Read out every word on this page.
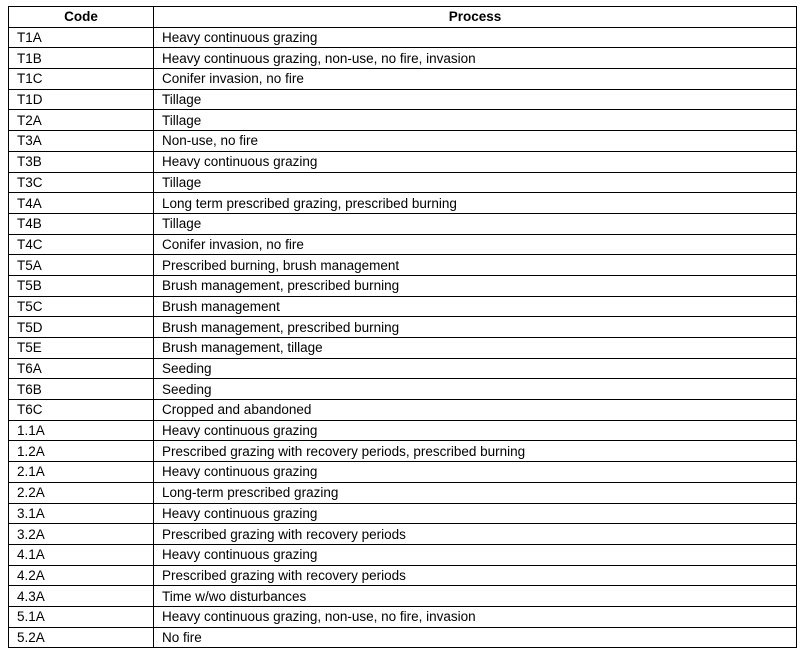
Code	Process
T1A	Heavy continuous grazing
T1B	Heavy continuous grazing, non-use, no fire, invasion
T1C	Conifer invasion, no fire
T1D	Tillage
T2A	Tillage
T3A	Non-use, no fire
T3B	Heavy continuous grazing
T3C	Tillage
T4A	Long term prescribed grazing, prescribed burning
T4B	Tillage
T4C	Conifer invasion, no fire
T5A	Prescribed burning, brush management
T5B	Brush management, prescribed burning
T5C	Brush management
T5D	Brush management, prescribed burning
T5E	Brush management, tillage
T6A	Seeding
T6B	Seeding
T6C	Cropped and abandoned
1.1A	Heavy continuous grazing
1.2A	Prescribed grazing with recovery periods, prescribed burning
2.1A	Heavy continuous grazing
2.2A	Long-term prescribed grazing
3.1A	Heavy continuous grazing
3.2A	Prescribed grazing with recovery periods
4.1A	Heavy continuous grazing
4.2A	Prescribed grazing with recovery periods
4.3A	Time w/wo disturbances
5.1A	Heavy continuous grazing, non-use, no fire, invasion
5.2A	No fire
